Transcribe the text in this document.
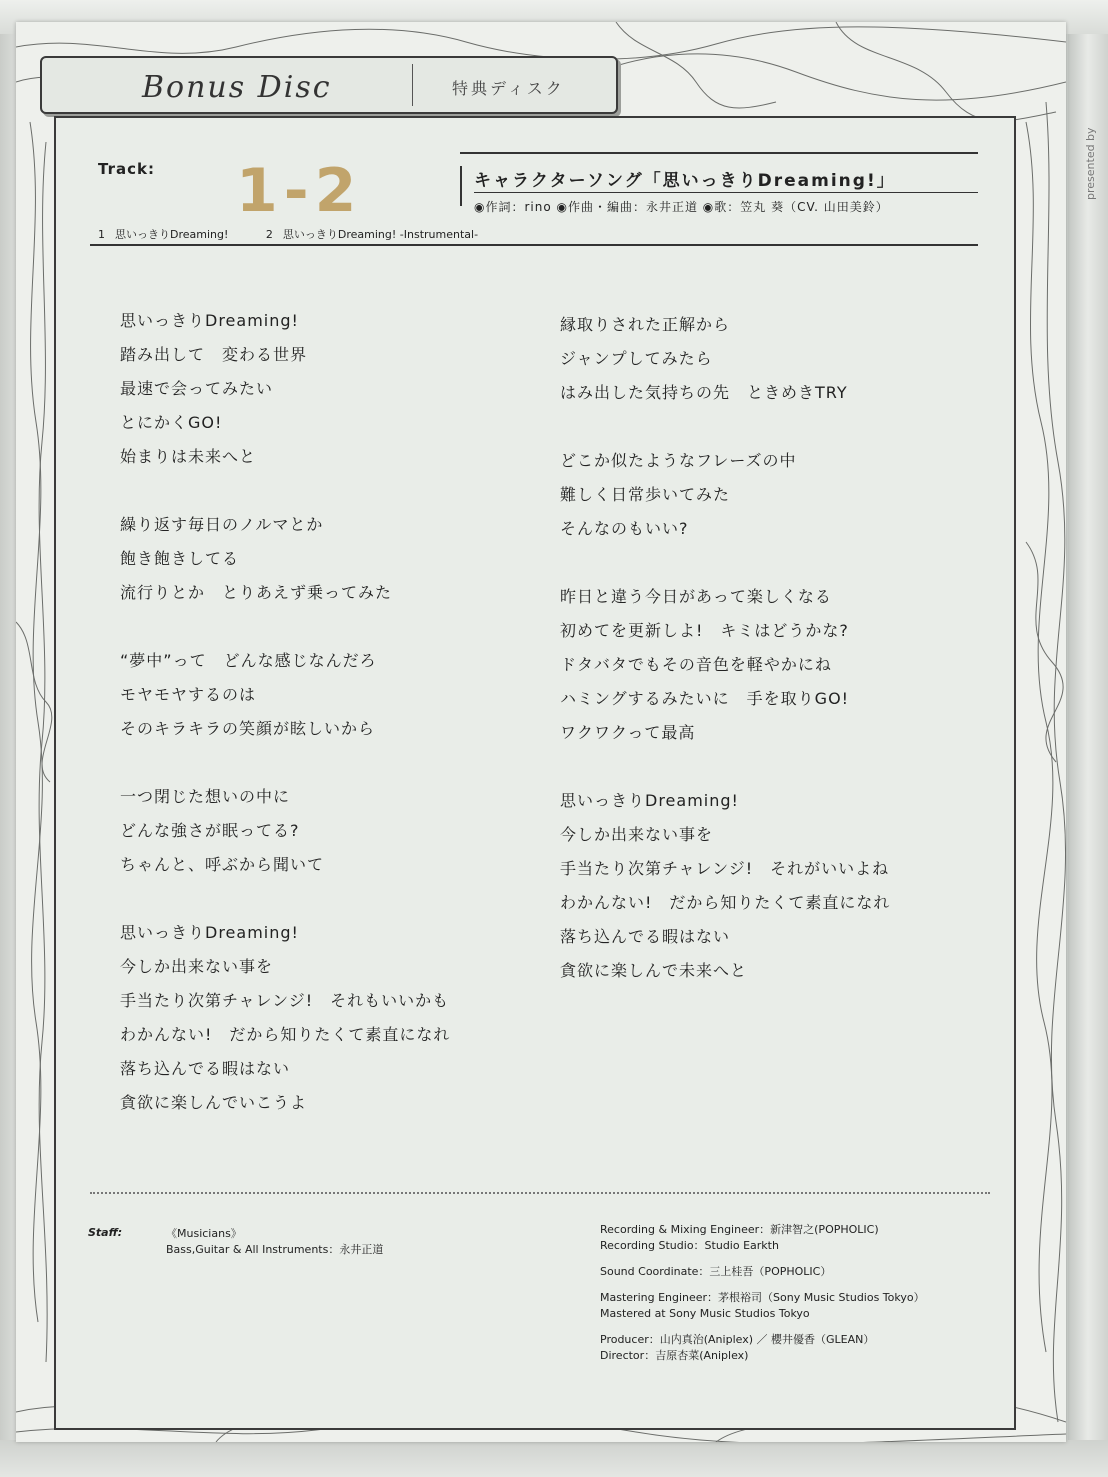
presented by
Bonus Disc	特典ディスク
Track: 1-2	キャラクターソング「思いっきりDreaming!」
◉作詞：rino ◉作曲・編曲：永井正道 ◉歌：笠丸 葵（CV. 山田美鈴）
1 思いっきりDreaming!	2 思いっきりDreaming! -Instrumental-
思いっきりDreaming!
踏み出して　変わる世界
最速で会ってみたい
とにかくGO!
始まりは未来へと
繰り返す毎日のノルマとか
飽き飽きしてる
流行りとか　とりあえず乗ってみた
“夢中”って　どんな感じなんだろ
モヤモヤするのは
そのキラキラの笑顔が眩しいから
一つ閉じた想いの中に
どんな強さが眠ってる?
ちゃんと、呼ぶから聞いて
思いっきりDreaming!
今しか出来ない事を
手当たり次第チャレンジ!　それもいいかも
わかんない!　だから知りたくて素直になれ
落ち込んでる暇はない
貪欲に楽しんでいこうよ
縁取りされた正解から
ジャンプしてみたら
はみ出した気持ちの先　ときめきTRY
どこか似たようなフレーズの中
難しく日常歩いてみた
そんなのもいい?
昨日と違う今日があって楽しくなる
初めてを更新しよ!　キミはどうかな?
ドタバタでもその音色を軽やかにね
ハミングするみたいに　手を取りGO!
ワクワクって最高
思いっきりDreaming!
今しか出来ない事を
手当たり次第チャレンジ!　それがいいよね
わかんない!　だから知りたくて素直になれ
落ち込んでる暇はない
貪欲に楽しんで未来へと
Staff:	《Musicians》
Bass,Guitar & All Instruments：永井正道
Recording & Mixing Engineer：新津智之(POPHOLIC)
Recording Studio：Studio Earkth
Sound Coordinate：三上桂吾（POPHOLIC）
Mastering Engineer：茅根裕司（Sony Music Studios Tokyo）
Mastered at Sony Music Studios Tokyo
Producer：山内真治(Aniplex) ／ 櫻井優香（GLEAN）
Director：吉原杏菜(Aniplex)
